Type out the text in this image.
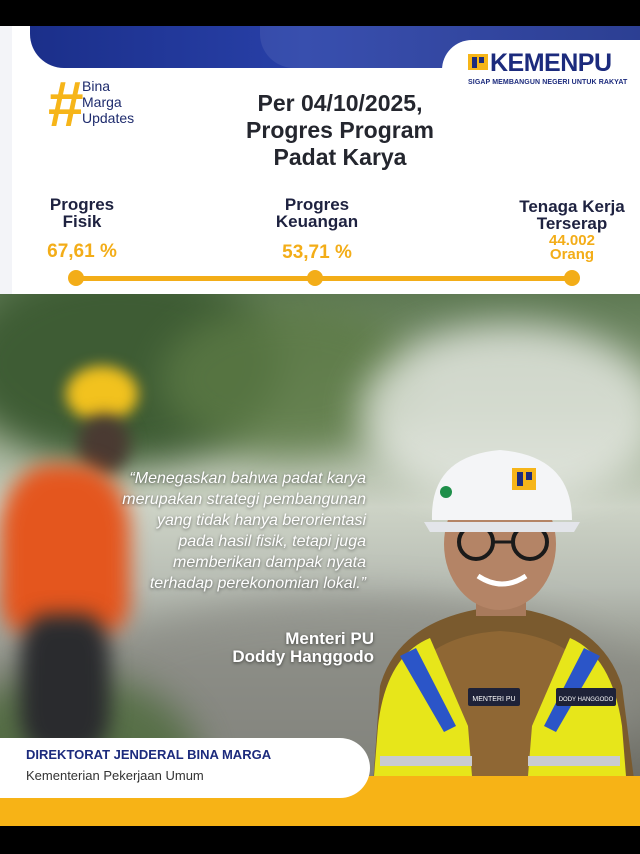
KEMENPU
SIGAP MEMBANGUN NEGERI UNTUK RAKYAT
#
Bina
Marga
Updates
Per 04/10/2025,
Progres Program
Padat Karya
Progres
Fisik
67,61 %
Progres
Keuangan
53,71 %
Tenaga Kerja
Terserap
44.002
Orang
“Menegaskan bahwa padat karya
merupakan strategi pembangunan
yang tidak hanya berorientasi
pada hasil fisik, tetapi juga
memberikan dampak nyata
terhadap perekonomian lokal.”
Menteri PU
Doddy Hanggodo
MENTERI PU	DODY HANGGODO
DIREKTORAT JENDERAL BINA MARGA
Kementerian Pekerjaan Umum
